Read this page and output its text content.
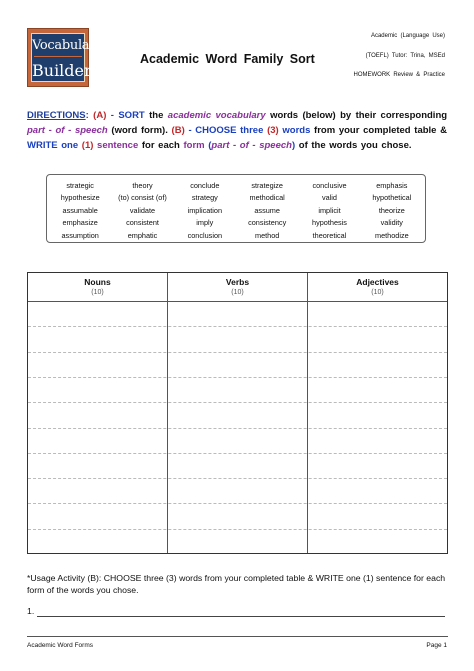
Vocabulary
Builder
Academic Word Family Sort
Academic (Language Use)
(TOEFL) Tutor: Trina, MSEd
HOMEWORK Review & Practice
DIRECTIONS: (A) - SORT the academic vocabulary words (below) by their corresponding part - of - speech (word form). (B) - CHOOSE three (3) words from your completed table & WRITE one (1) sentence for each form (part - of - speech) of the words you chose.
strategic	theory	conclude	strategize	conclusive	emphasis
hypothesize	(to) consist (of)	strategy	methodical	valid	hypothetical
assumable	validate	implication	assume	implicit	theorize
emphasize	consistent	imply	consistency	hypothesis	validity
assumption	emphatic	conclusion	method	theoretical	methodize
Nouns
(10)
Verbs
(10)
Adjectives
(10)
*Usage Activity (B): CHOOSE three (3) words from your completed table & WRITE one (1) sentence for each form of the words you chose.
1.
Academic Word Forms	Page 1
